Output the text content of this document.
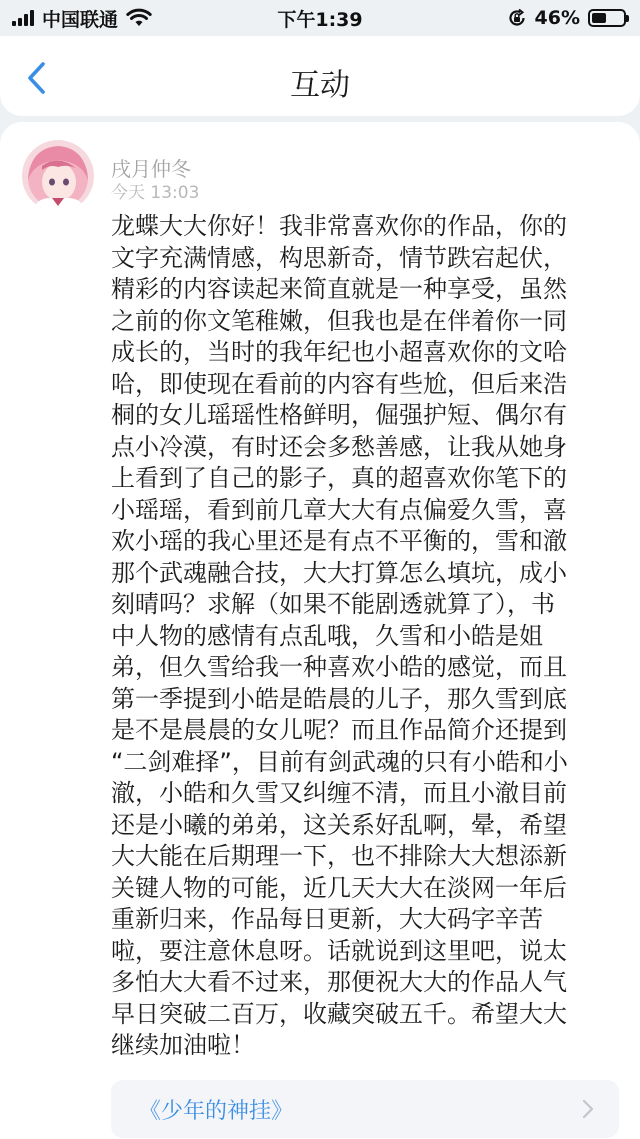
中国联通	下午1:39	46%
互动
戌月仲冬
今天 13:03
龙蝶大大你好！我非常喜欢你的作品，你的
文字充满情感，构思新奇，情节跌宕起伏，
精彩的内容读起来简直就是一种享受，虽然
之前的你文笔稚嫩，但我也是在伴着你一同
成长的，当时的我年纪也小超喜欢你的文哈
哈，即使现在看前的内容有些尬，但后来浩
桐的女儿瑶瑶性格鲜明，倔强护短、偶尔有
点小冷漠，有时还会多愁善感，让我从她身
上看到了自己的影子，真的超喜欢你笔下的
小瑶瑶，看到前几章大大有点偏爱久雪，喜
欢小瑶的我心里还是有点不平衡的，雪和澈
那个武魂融合技，大大打算怎么填坑，成小
刻晴吗？求解（如果不能剧透就算了），书
中人物的感情有点乱哦，久雪和小皓是姐
弟，但久雪给我一种喜欢小皓的感觉，而且
第一季提到小皓是皓晨的儿子，那久雪到底
是不是晨晨的女儿呢？而且作品简介还提到
“二剑难择”，目前有剑武魂的只有小皓和小
澈，小皓和久雪又纠缠不清，而且小澈目前
还是小曦的弟弟，这关系好乱啊，晕，希望
大大能在后期理一下，也不排除大大想添新
关键人物的可能，近几天大大在淡网一年后
重新归来，作品每日更新，大大码字辛苦
啦，要注意休息呀。话就说到这里吧，说太
多怕大大看不过来，那便祝大大的作品人气
早日突破二百万，收藏突破五千。希望大大
继续加油啦！
《少年的神挂》
